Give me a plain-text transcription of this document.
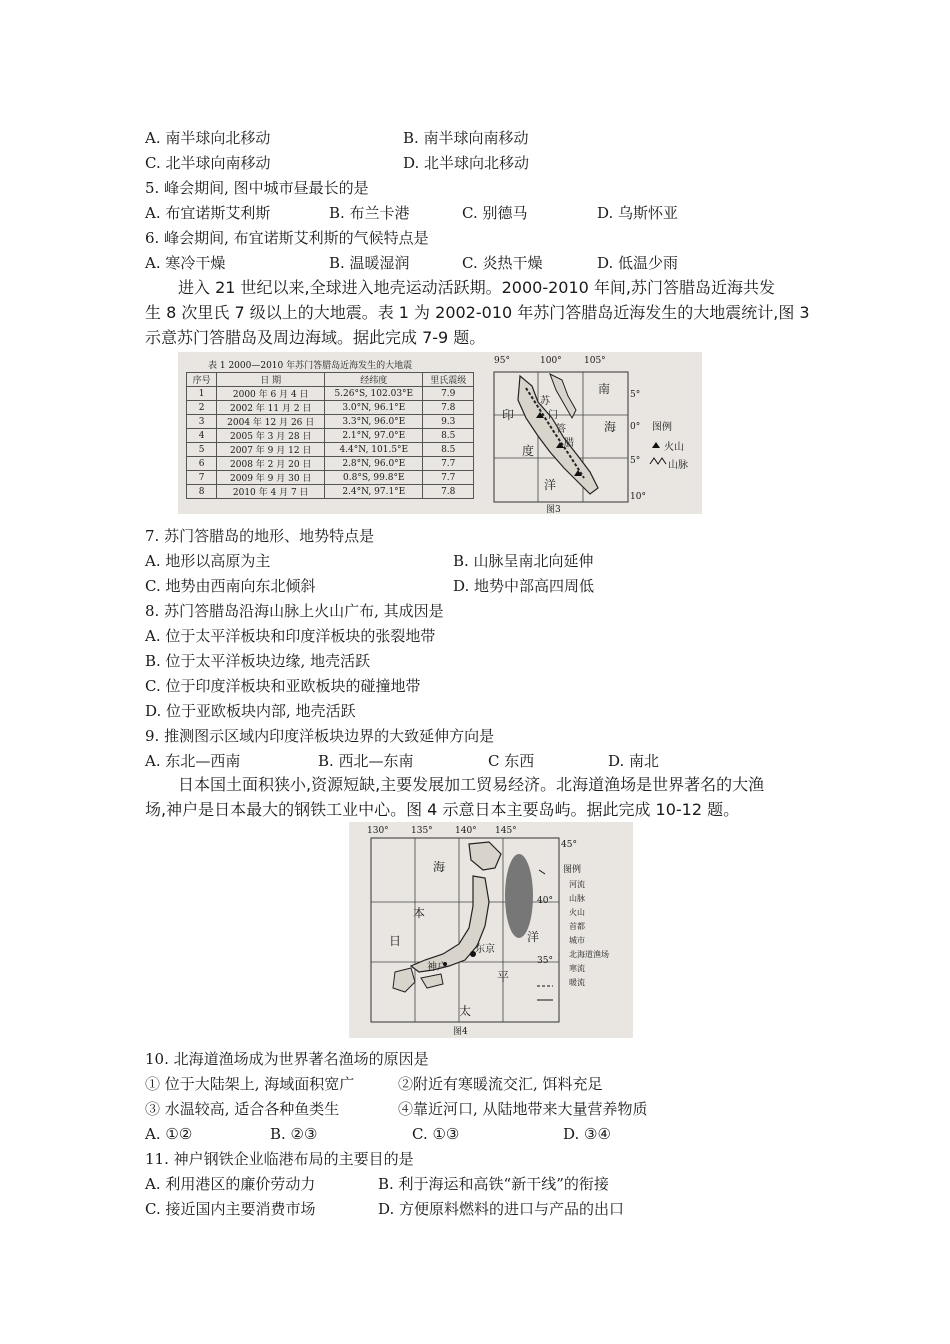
A. 南半球向北移动	B. 南半球向南移动
C. 北半球向南移动	D. 北半球向北移动
5. 峰会期间, 图中城市昼最长的是
A. 布宜诺斯艾利斯	B. 布兰卡港	C. 别德马	D. 乌斯怀亚
6. 峰会期间, 布宜诺斯艾利斯的气候特点是
A. 寒冷干燥	B. 温暖湿润	C. 炎热干燥	D. 低温少雨
进入 21 世纪以来,全球进入地壳运动活跃期。2000-2010 年间,苏门答腊岛近海共发
生 8 次里氏 7 级以上的大地震。表 1 为 2002-010 年苏门答腊岛近海发生的大地震统计,图 3
示意苏门答腊岛及周边海域。据此完成 7-9 题。
表 1 2000—2010 年苏门答腊岛近海发生的大地震
序号	日 期	经纬度	里氏震级
1	2000 年 6 月 4 日	5.26°S, 102.03°E	7.9
2	2002 年 11 月 2 日	3.0°N, 96.1°E	7.8
3	2004 年 12 月 26 日	3.3°N, 96.0°E	9.3
4	2005 年 3 月 28 日	2.1°N, 97.0°E	8.5
5	2007 年 9 月 12 日	4.4°N, 101.5°E	8.5
6	2008 年 2 月 20 日	2.8°N, 96.0°E	7.7
7	2009 年 9 月 30 日	0.8°S, 99.8°E	7.7
8	2010 年 4 月 7 日	2.4°N, 97.1°E	7.8
95°	100° 105°
5°
0°
5°
10°
南
海
印
度
洋
苏
门
答
腊
图例
火山
山脉
图3
7. 苏门答腊岛的地形、地势特点是
A. 地形以高原为主	B. 山脉呈南北向延伸
C. 地势由西南向东北倾斜	D. 地势中部高四周低
8. 苏门答腊岛沿海山脉上火山广布, 其成因是
A. 位于太平洋板块和印度洋板块的张裂地带
B. 位于太平洋板块边缘, 地壳活跃
C. 位于印度洋板块和亚欧板块的碰撞地带
D. 位于亚欧板块内部, 地壳活跃
9. 推测图示区域内印度洋板块边界的大致延伸方向是
A. 东北—西南	B. 西北—东南	C 东西	D. 南北
日本国土面积狭小,资源短缺,主要发展加工贸易经济。北海道渔场是世界著名的大渔
场,神户是日本最大的钢铁工业中心。图 4 示意日本主要岛屿。据此完成 10-12 题。
130° 135° 140° 145°
45°
40°
35°
海
本
日	洋
平
太
东京
神户
图例
河流
山脉
火山
首都
城市
北海道渔场
寒流
暖流
图4
10. 北海道渔场成为世界著名渔场的原因是
① 位于大陆架上, 海域面积宽广	②附近有寒暖流交汇, 饵料充足
③ 水温较高, 适合各种鱼类生	④靠近河口, 从陆地带来大量营养物质
A. ①②	B. ②③	C. ①③	D. ③④
11. 神户钢铁企业临港布局的主要目的是
A. 利用港区的廉价劳动力	B. 利于海运和高铁“新干线”的衔接
C. 接近国内主要消费市场	D. 方便原料燃料的进口与产品的出口
